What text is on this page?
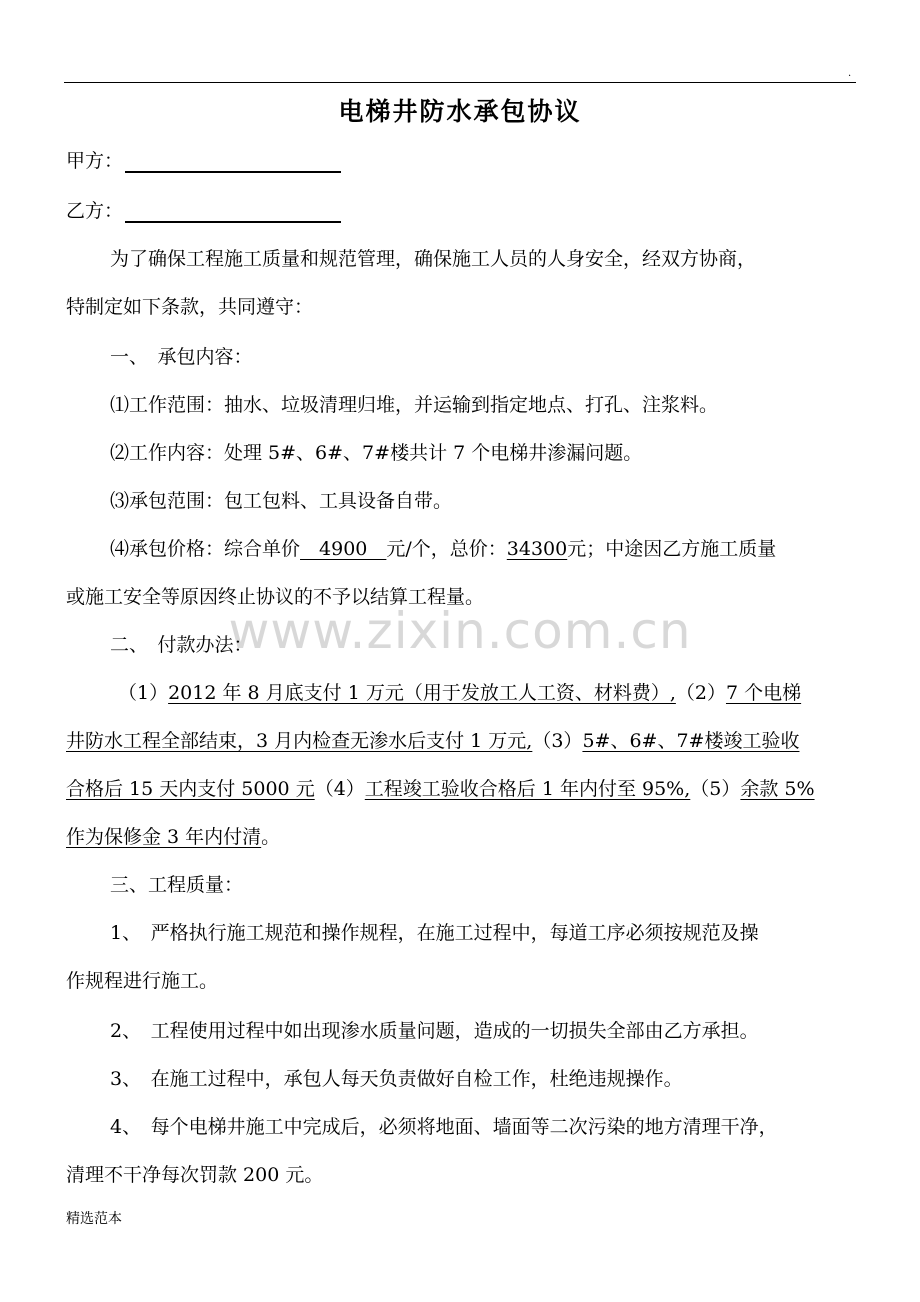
.
电梯井防水承包协议
甲方：
乙方：
为了确保工程施工质量和规范管理，确保施工人员的人身安全，经双方协商，
特制定如下条款，共同遵守：
一、　承包内容：
⑴工作范围：抽水、垃圾清理归堆，并运输到指定地点、打孔、注浆料。
⑵工作内容：处理 5#、6#、7#楼共计 7 个电梯井渗漏问题。
⑶承包范围：包工包料、工具设备自带。
⑷承包价格：综合单价　4900　元/个，总价：34300元；中途因乙方施工质量
或施工安全等原因终止协议的不予以结算工程量。
www.zixin.com.cn
二、　付款办法：
（1）2012 年 8 月底支付 1 万元（用于发放工人工资、材料费）,（2）7 个电梯
井防水工程全部结束，3 月内检查无渗水后支付 1 万元,（3）5#、6#、7#楼竣工验收
合格后 15 天内支付 5000 元（4）工程竣工验收合格后 1 年内付至 95%,（5）余款 5%
作为保修金 3 年内付清。
三、工程质量：
1、　严格执行施工规范和操作规程，在施工过程中，每道工序必须按规范及操
作规程进行施工。
2、　工程使用过程中如出现渗水质量问题，造成的一切损失全部由乙方承担。
3、　在施工过程中，承包人每天负责做好自检工作，杜绝违规操作。
4、　每个电梯井施工中完成后，必须将地面、墙面等二次污染的地方清理干净，
清理不干净每次罚款 200 元。
精选范本
